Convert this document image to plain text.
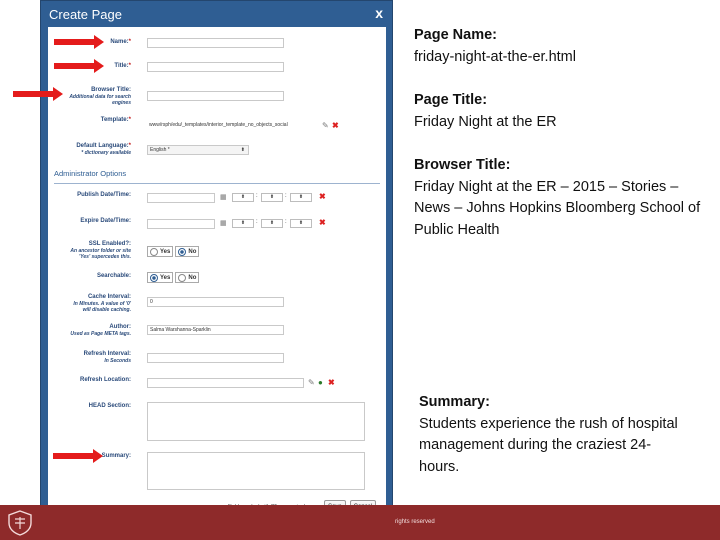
Create Page	x
Name:*
Title:*
Browser Title:
Additional data for search engines
Template:*
www/rsph/edu/_templates/interior_template_no_objects_social	✎ ✖
Default Language:*
* dictionary available	English *	⬍
Administrator Options
Publish Date/Time:	▦	⬍	:	⬍	:	⬍	✖
Expire Date/Time:	▦	⬍	:	⬍	:	⬍	✖
SSL Enabled?:
An ancestor folder or site
'Yes' supercedes this.
Yes	No
Searchable:	Yes	No
Cache Interval:
In Minutes. A value of '0'
will disable caching.
0
Author:
Used as Page META tags.
Salma Warshanna-Sparklin
Refresh Interval:
In Seconds
Refresh Location:	✎ ● ✖
HEAD Section:
Summary:
Page Name:
friday-night-at-the-er.html
Page Title:
Friday Night at the ER
Browser Title:
Friday Night at the ER – 2015 – Stories – News – Johns Hopkins Bloomberg School of Public Health
Summary:
Students experience the rush of hospital management during the craziest 24-hours.
rights reserved
